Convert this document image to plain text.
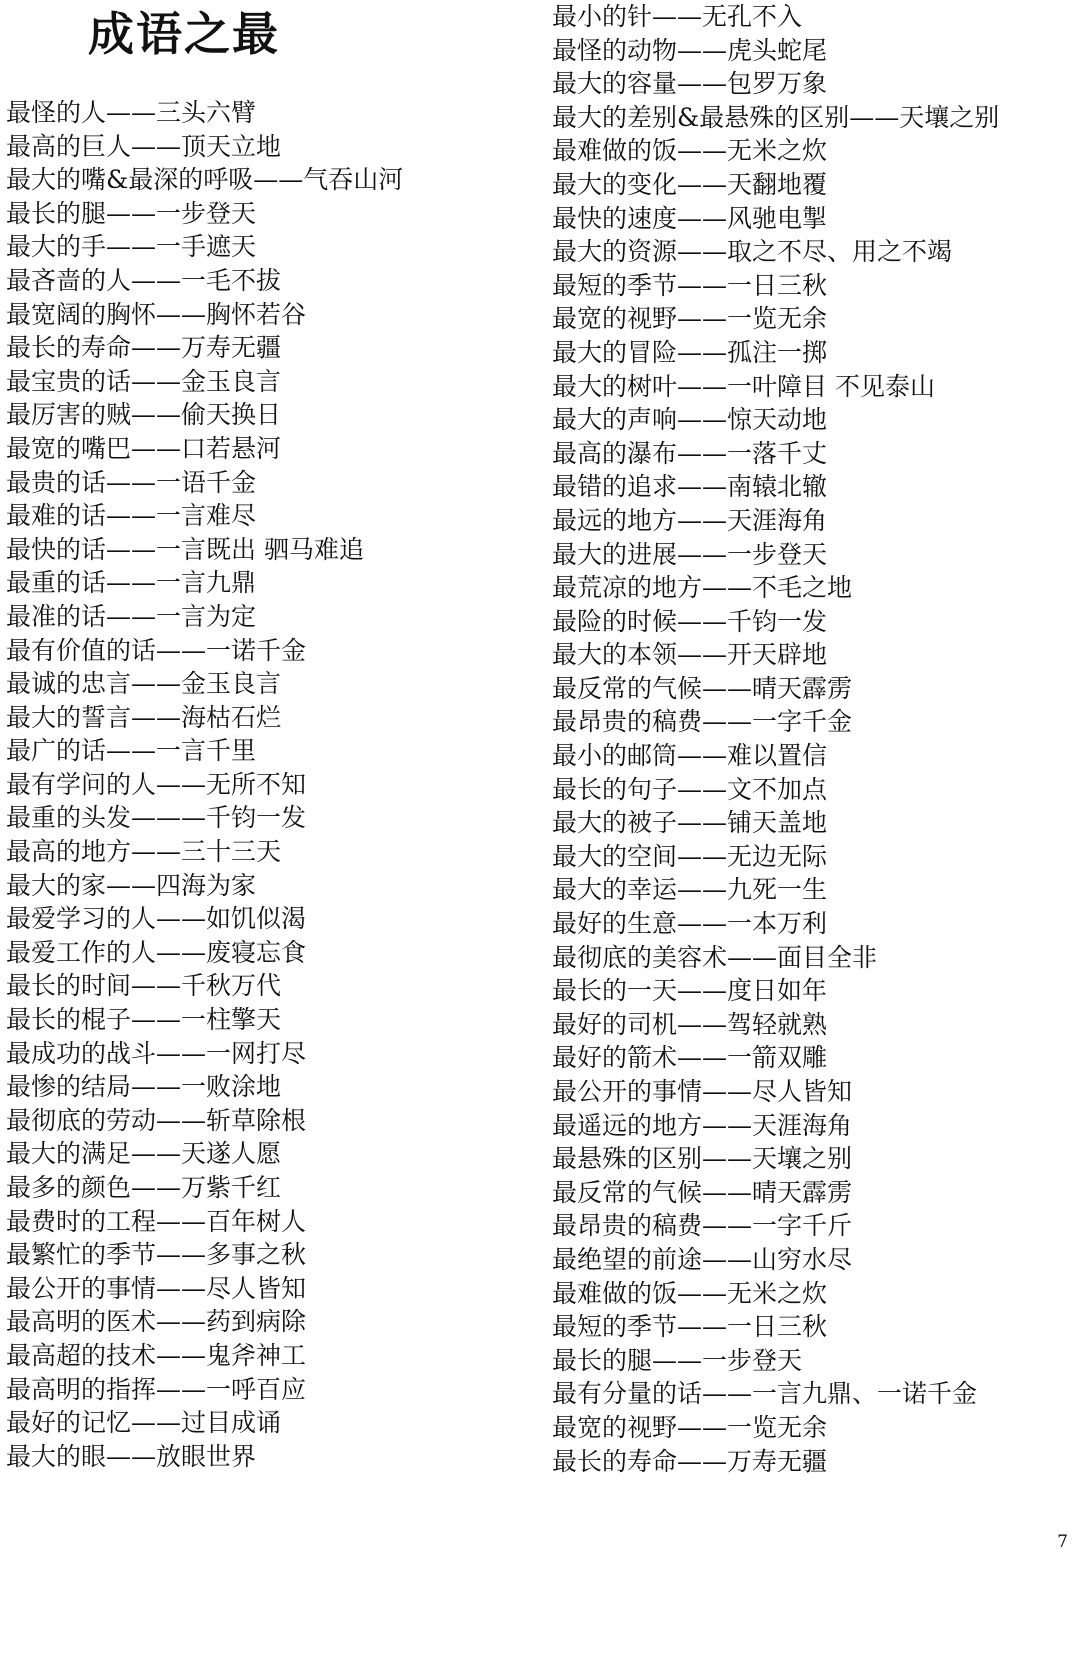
成语之最
最怪的人——三头六臂
最高的巨人——顶天立地
最大的嘴&最深的呼吸——气吞山河
最长的腿——一步登天
最大的手——一手遮天
最吝啬的人——一毛不拔
最宽阔的胸怀——胸怀若谷
最长的寿命——万寿无疆
最宝贵的话——金玉良言
最厉害的贼——偷天换日
最宽的嘴巴——口若悬河
最贵的话——一语千金
最难的话——一言难尽
最快的话——一言既出 驷马难追
最重的话——一言九鼎
最准的话——一言为定
最有价值的话——一诺千金
最诚的忠言——金玉良言
最大的誓言——海枯石烂
最广的话——一言千里
最有学问的人——无所不知
最重的头发———千钧一发
最高的地方——三十三天
最大的家——四海为家
最爱学习的人——如饥似渴
最爱工作的人——废寝忘食
最长的时间——千秋万代
最长的棍子——一柱擎天
最成功的战斗——一网打尽
最惨的结局——一败涂地
最彻底的劳动——斩草除根
最大的满足——天遂人愿
最多的颜色——万紫千红
最费时的工程——百年树人
最繁忙的季节——多事之秋
最公开的事情——尽人皆知
最高明的医术——药到病除
最高超的技术——鬼斧神工
最高明的指挥——一呼百应
最好的记忆——过目成诵
最大的眼——放眼世界
最小的针——无孔不入
最怪的动物——虎头蛇尾
最大的容量——包罗万象
最大的差别&最悬殊的区别——天壤之别
最难做的饭——无米之炊
最大的变化——天翻地覆
最快的速度——风驰电掣
最大的资源——取之不尽、用之不竭
最短的季节——一日三秋
最宽的视野——一览无余
最大的冒险——孤注一掷
最大的树叶——一叶障目 不见泰山
最大的声响——惊天动地
最高的瀑布——一落千丈
最错的追求——南辕北辙
最远的地方——天涯海角
最大的进展——一步登天
最荒凉的地方——不毛之地
最险的时候——千钧一发
最大的本领——开天辟地
最反常的气候——晴天霹雳
最昂贵的稿费——一字千金
最小的邮筒——难以置信
最长的句子——文不加点
最大的被子——铺天盖地
最大的空间——无边无际
最大的幸运——九死一生
最好的生意——一本万利
最彻底的美容术——面目全非
最长的一天——度日如年
最好的司机——驾轻就熟
最好的箭术——一箭双雕
最公开的事情——尽人皆知
最遥远的地方——天涯海角
最悬殊的区别——天壤之别
最反常的气候——晴天霹雳
最昂贵的稿费——一字千斤
最绝望的前途——山穷水尽
最难做的饭——无米之炊
最短的季节——一日三秋
最长的腿——一步登天
最有分量的话——一言九鼎、一诺千金
最宽的视野——一览无余
最长的寿命——万寿无疆
7
